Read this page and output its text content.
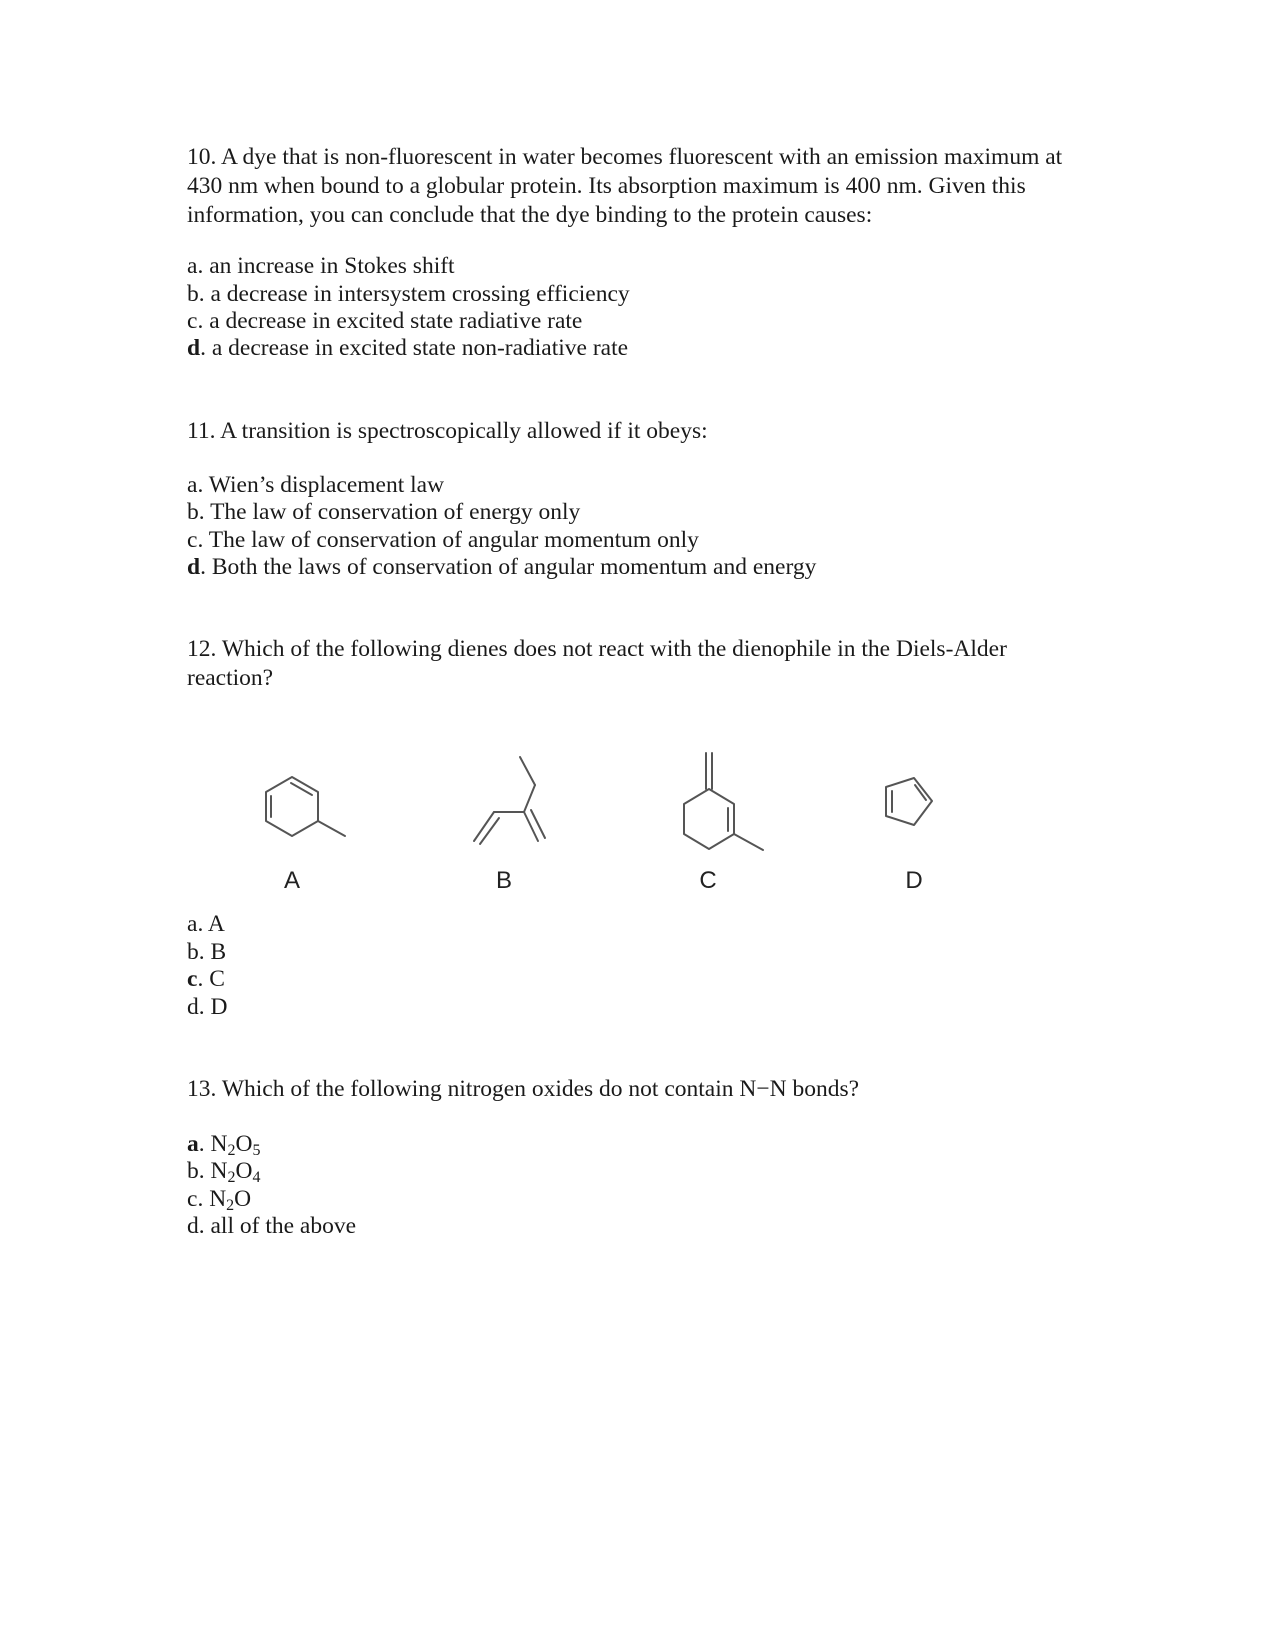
10. A dye that is non-fluorescent in water becomes fluorescent with an emission maximum at 430 nm when bound to a globular protein. Its absorption maximum is 400 nm. Given this information, you can conclude that the dye binding to the protein causes:

a. an increase in Stokes shift
b. a decrease in intersystem crossing efficiency
c. a decrease in excited state radiative rate
d. a decrease in excited state non-radiative rate

11. A transition is spectroscopically allowed if it obeys:

a. Wien’s displacement law
b. The law of conservation of energy only
c. The law of conservation of angular momentum only
d. Both the laws of conservation of angular momentum and energy

12. Which of the following dienes does not react with the dienophile in the Diels-Alder reaction?

A	B	C	D
a. A
b. B
c. C
d. D

13. Which of the following nitrogen oxides do not contain N−N bonds?

a. $N_2O_5$
b. $N_2O_4$
c. $N_2O$
d. all of the above
